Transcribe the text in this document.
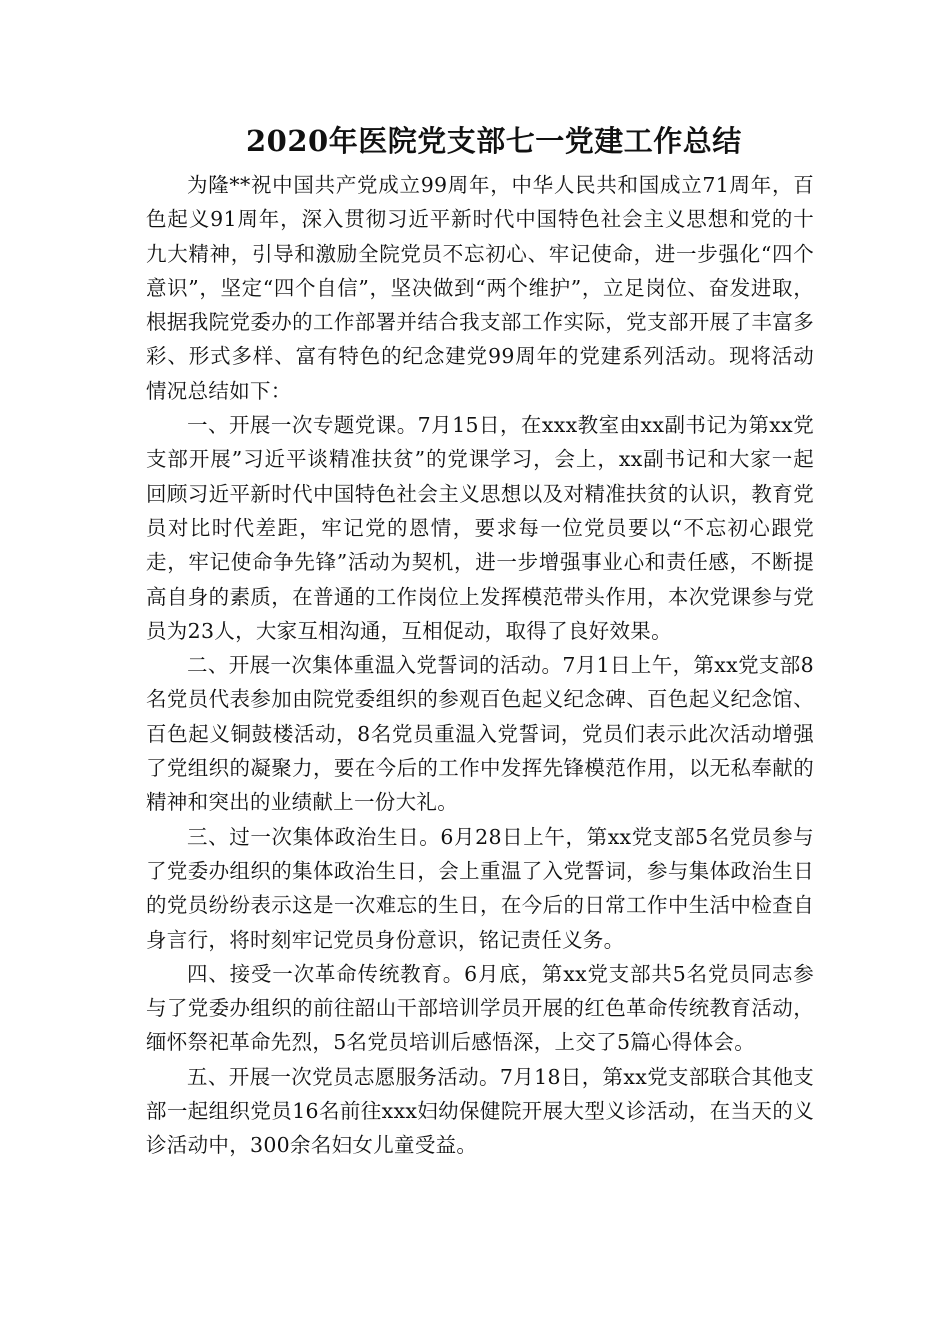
2020年医院党支部七一党建工作总结

为隆**祝中国共产党成立99周年，中华人民共和国成立71周年，百色起义91周年，深入贯彻习近平新时代中国特色社会主义思想和党的十九大精神，引导和激励全院党员不忘初心、牢记使命，进一步强化“四个意识”，坚定“四个自信”，坚决做到“两个维护”，立足岗位、奋发进取，根据我院党委办的工作部署并结合我支部工作实际，党支部开展了丰富多彩、形式多样、富有特色的纪念建党99周年的党建系列活动。现将活动情况总结如下：

一、开展一次专题党课。7月15日，在xxx教室由xx副书记为第xx党支部开展”习近平谈精准扶贫”的党课学习，会上，xx副书记和大家一起回顾习近平新时代中国特色社会主义思想以及对精准扶贫的认识，教育党员对比时代差距，牢记党的恩情，要求每一位党员要以“不忘初心跟党走，牢记使命争先锋”活动为契机，进一步增强事业心和责任感，不断提高自身的素质，在普通的工作岗位上发挥模范带头作用，本次党课参与党员为23人，大家互相沟通，互相促动，取得了良好效果。

二、开展一次集体重温入党誓词的活动。7月1日上午，第xx党支部8名党员代表参加由院党委组织的参观百色起义纪念碑、百色起义纪念馆、百色起义铜鼓楼活动，8名党员重温入党誓词，党员们表示此次活动增强了党组织的凝聚力，要在今后的工作中发挥先锋模范作用，以无私奉献的精神和突出的业绩献上一份大礼。

三、过一次集体政治生日。6月28日上午，第xx党支部5名党员参与了党委办组织的集体政治生日，会上重温了入党誓词，参与集体政治生日的党员纷纷表示这是一次难忘的生日，在今后的日常工作中生活中检查自身言行，将时刻牢记党员身份意识，铭记责任义务。

四、接受一次革命传统教育。6月底，第xx党支部共5名党员同志参与了党委办组织的前往韶山干部培训学员开展的红色革命传统教育活动，缅怀祭祀革命先烈，5名党员培训后感悟深，上交了5篇心得体会。

五、开展一次党员志愿服务活动。7月18日，第xx党支部联合其他支部一起组织党员16名前往xxx妇幼保健院开展大型义诊活动，在当天的义诊活动中，300余名妇女儿童受益。
